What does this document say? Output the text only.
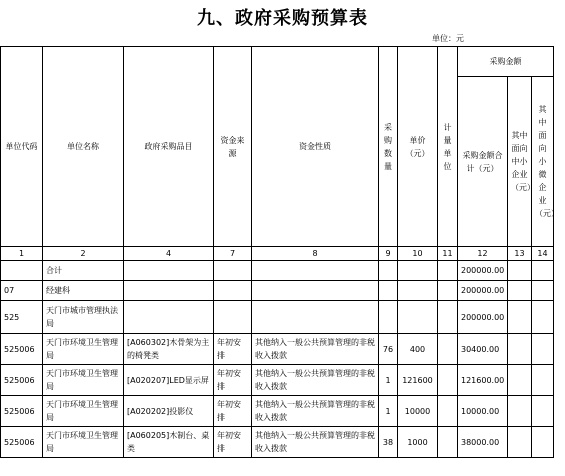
九、政府采购预算表
单位：元
单位代码	单位名称	政府采购品目	资金来源	资金性质	采购数量	单价（元）	计量单位	采购金额		
								采购金额合计（元）	其中面向中小企业（元）	其中面向小微企业（元）
1	2	4	7	8	9	10	11	12	13	14
	合计							200000.00		
07	经建科							200000.00		
525	天门市城市管理执法局							200000.00		
525006	天门市环境卫生管理局	[A060302]木骨架为主的椅凳类	年初安排	其他纳入一般公共预算管理的非税收入拨款	76	400		30400.00		
525006	天门市环境卫生管理局	[A020207]LED显示屏	年初安排	其他纳入一般公共预算管理的非税收入拨款	1	121600		121600.00		
525006	天门市环境卫生管理局	[A020202]投影仪	年初安排	其他纳入一般公共预算管理的非税收入拨款	1	10000		10000.00		
525006	天门市环境卫生管理局	[A060205]木制台、桌类	年初安排	其他纳入一般公共预算管理的非税收入拨款	38	1000		38000.00		
